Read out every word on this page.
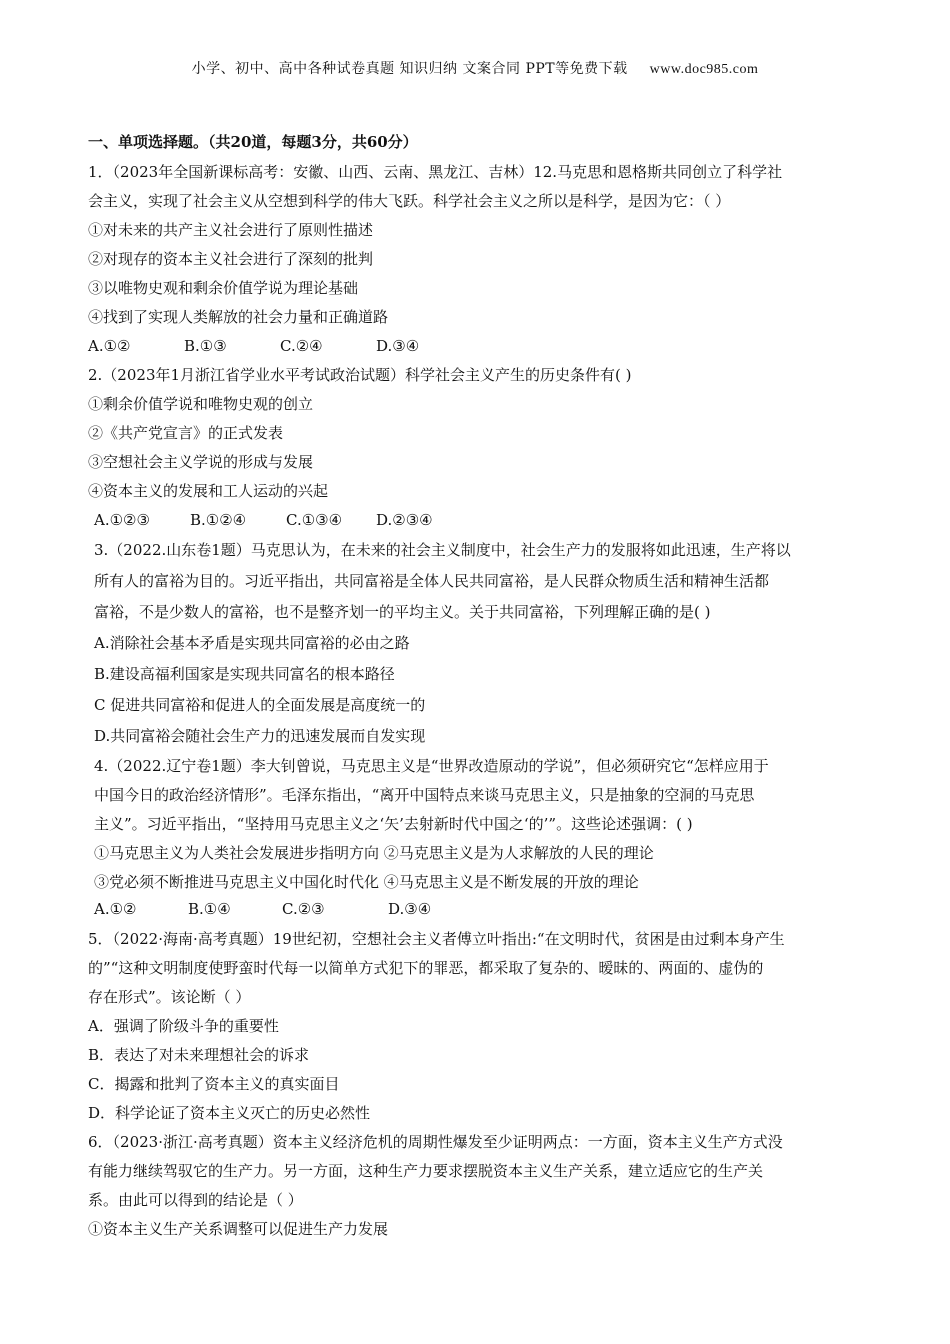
小学、初中、高中各种试卷真题 知识归纳 文案合同 PPT等免费下载 www.doc985.com
一、单项选择题。（共20道，每题3分，共60分）
1．（2023年全国新课标高考：安徽、山西、云南、黑龙江、吉林）12.马克思和恩格斯共同创立了科学社
会主义，实现了社会主义从空想到科学的伟大飞跃。科学社会主义之所以是科学，是因为它：（ ）
①对未来的共产主义社会进行了原则性描述
②对现存的资本主义社会进行了深刻的批判
③以唯物史观和剩余价值学说为理论基础
④找到了实现人类解放的社会力量和正确道路
A.①②	B.①③	C.②④	D.③④
2.（2023年1月浙江省学业水平考试政治试题）科学社会主义产生的历史条件有( )
①剩余价值学说和唯物史观的创立
②《共产党宣言》的正式发表
③空想社会主义学说的形成与发展
④资本主义的发展和工人运动的兴起
A.①②③	B.①②④	C.①③④ D.②③④
3.（2022.山东卷1题）马克思认为，在未来的社会主义制度中，社会生产力的发服将如此迅速，生产将以
所有人的富裕为目的。习近平指出，共同富裕是全体人民共同富裕，是人民群众物质生活和精神生活都
富裕，不是少数人的富裕，也不是整齐划一的平均主义。关于共同富裕，下列理解正确的是( )
A.消除社会基本矛盾是实现共同富裕的必由之路
B.建设高福利国家是实现共同富名的根本路径
C 促进共同富裕和促进人的全面发展是高度统一的
D.共同富裕会随社会生产力的迅速发展而自发实现
4.（2022.辽宁卷1题）李大钊曾说，马克思主义是“世界改造原动的学说”，但必须研究它“怎样应用于
中国今日的政治经济情形”。毛泽东指出，“离开中国特点来谈马克思主义，只是抽象的空洞的马克思
主义”。习近平指出，“坚持用马克思主义之‘矢’去射新时代中国之‘的’”。这些论述强调：( )
①马克思主义为人类社会发展进步指明方向 ②马克思主义是为人求解放的人民的理论
③党必须不断推进马克思主义中国化时代化 ④马克思主义是不断发展的开放的理论
A.①②	B.①④	C.②③	D.③④
5．（2022·海南·高考真题）19世纪初，空想社会主义者傅立叶指出:“在文明时代，贫困是由过剩本身产生
的”“这种文明制度使野蛮时代每一以简单方式犯下的罪恶，都采取了复杂的、暧昧的、两面的、虚伪的
存在形式”。该论断（ ）
A．强调了阶级斗争的重要性
B．表达了对未来理想社会的诉求
C．揭露和批判了资本主义的真实面目
D．科学论证了资本主义灭亡的历史必然性
6．（2023·浙江·高考真题）资本主义经济危机的周期性爆发至少证明两点：一方面，资本主义生产方式没
有能力继续驾驭它的生产力。另一方面，这种生产力要求摆脱资本主义生产关系，建立适应它的生产关
系。由此可以得到的结论是（ ）
①资本主义生产关系调整可以促进生产力发展
